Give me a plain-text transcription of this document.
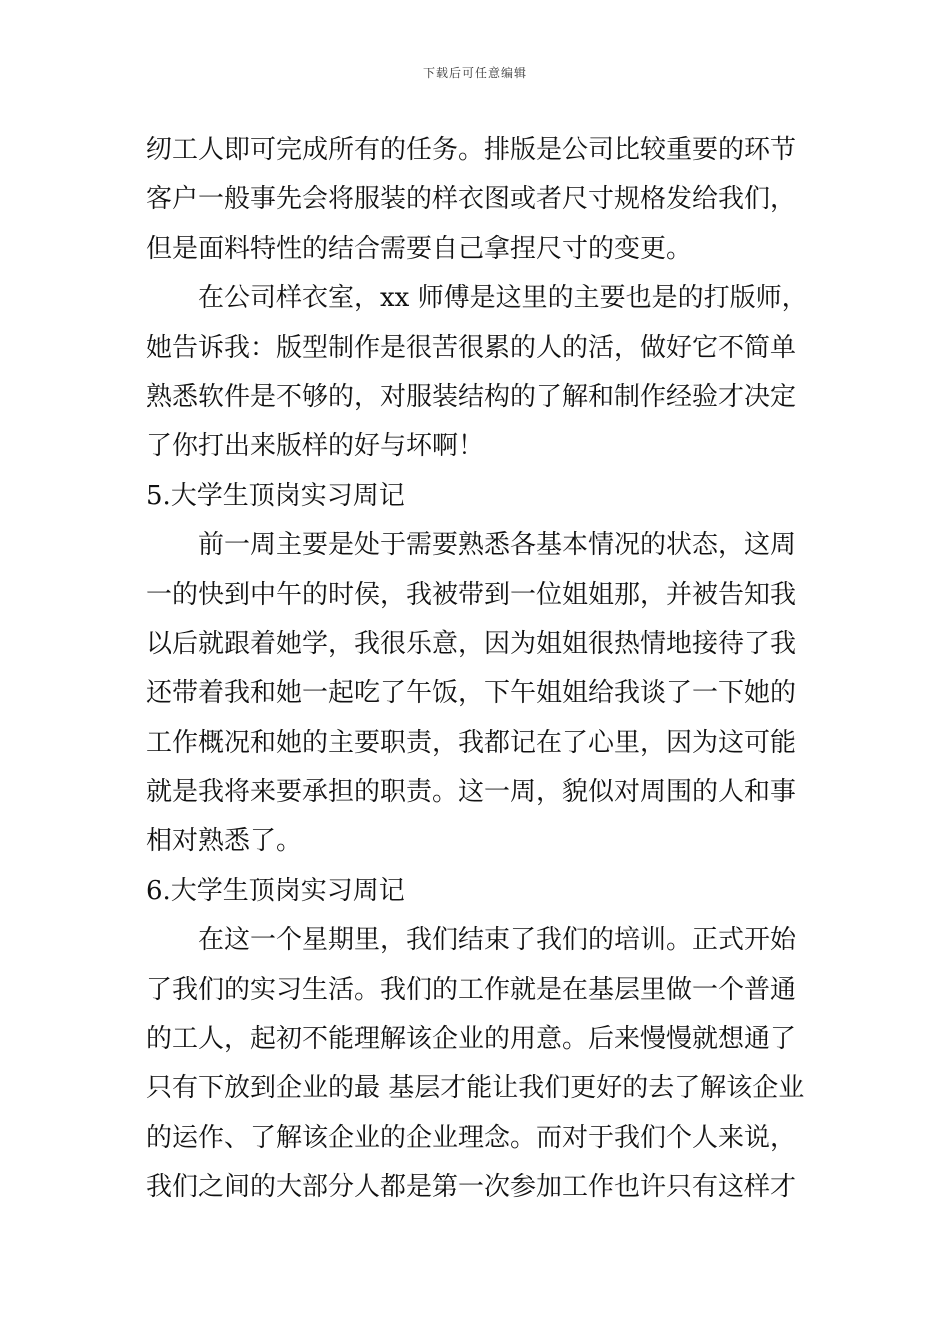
下载后可任意编辑
纫工人即可完成所有的任务。排版是公司比较重要的环节
客户一般事先会将服装的样衣图或者尺寸规格发给我们，
但是面料特性的结合需要自己拿捏尺寸的变更。
在公司样衣室，xx 师傅是这里的主要也是的打版师，
她告诉我：版型制作是很苦很累的人的活，做好它不简单
熟悉软件是不够的，对服装结构的了解和制作经验才决定
了你打出来版样的好与坏啊！
5.大学生顶岗实习周记
前一周主要是处于需要熟悉各基本情况的状态，这周
一的快到中午的时侯，我被带到一位姐姐那，并被告知我
以后就跟着她学，我很乐意，因为姐姐很热情地接待了我
还带着我和她一起吃了午饭，下午姐姐给我谈了一下她的
工作概况和她的主要职责，我都记在了心里，因为这可能
就是我将来要承担的职责。这一周，貌似对周围的人和事
相对熟悉了。
6.大学生顶岗实习周记
在这一个星期里，我们结束了我们的培训。正式开始
了我们的实习生活。我们的工作就是在基层里做一个普通
的工人，起初不能理解该企业的用意。后来慢慢就想通了
只有下放到企业的最 基层才能让我们更好的去了解该企业
的运作、了解该企业的企业理念。而对于我们个人来说，
我们之间的大部分人都是第一次参加工作也许只有这样才
